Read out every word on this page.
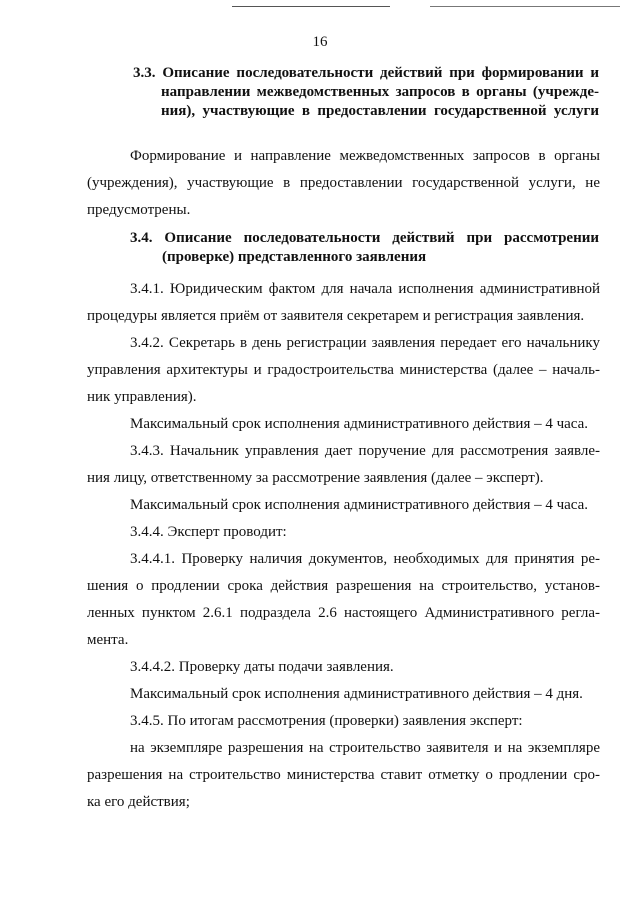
16
3.3. Описание последовательности действий при формировании и
направлении межведомственных запросов в органы (учрежде-
ния), участвующие в предоставлении государственной услуги
Формирование и направление межведомственных запросов в органы
(учреждения), участвующие в предоставлении государственной услуги, не
предусмотрены.
3.4. Описание последовательности действий при рассмотрении
(проверке) представленного заявления
3.4.1. Юридическим фактом для начала исполнения административной
процедуры является приём от заявителя секретарем и регистрация заявления.
3.4.2. Секретарь в день регистрации заявления передает его начальнику
управления архитектуры и градостроительства министерства (далее – началь-
ник управления).
Максимальный срок исполнения административного действия – 4 часа.
3.4.3. Начальник управления дает поручение для рассмотрения заявле-
ния лицу, ответственному за рассмотрение заявления (далее – эксперт).
Максимальный срок исполнения административного действия – 4 часа.
3.4.4. Эксперт проводит:
3.4.4.1. Проверку наличия документов, необходимых для принятия ре-
шения о продлении срока действия разрешения на строительство, установ-
ленных пунктом 2.6.1 подраздела 2.6 настоящего Административного регла-
мента.
3.4.4.2. Проверку даты подачи заявления.
Максимальный срок исполнения административного действия – 4 дня.
3.4.5. По итогам рассмотрения (проверки) заявления эксперт:
на экземпляре разрешения на строительство заявителя и на экземпляре
разрешения на строительство министерства ставит отметку о продлении сро-
ка его действия;
